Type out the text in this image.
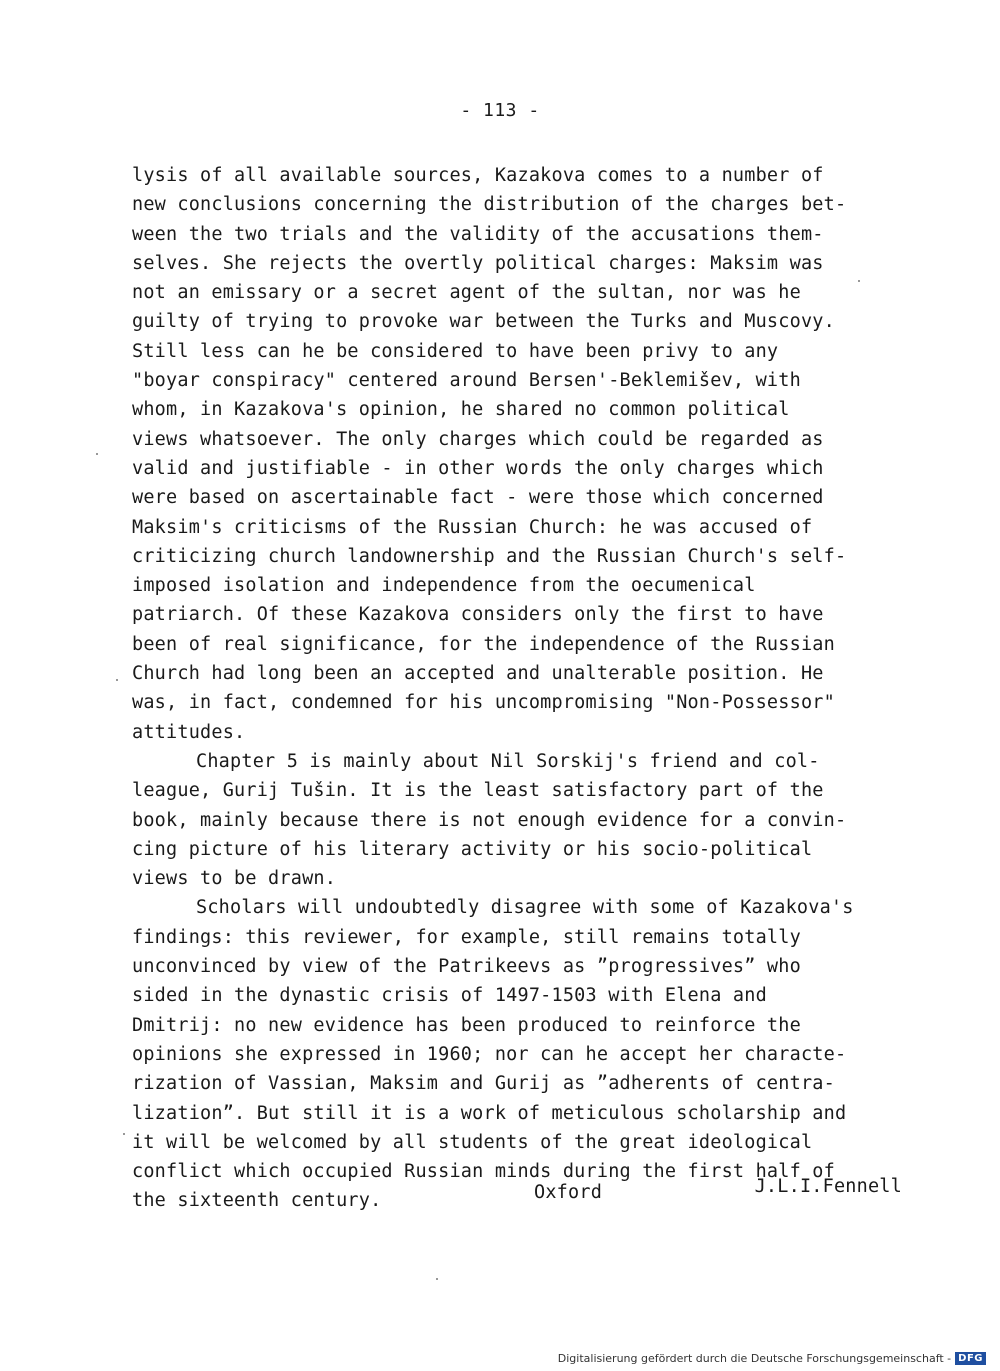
- 113 -
lysis of all available sources, Kazakova comes to a number of
new conclusions concerning the distribution of the charges bet-
ween the two trials and the validity of the accusations them-
selves. She rejects the overtly political charges: Maksim was
not an emissary or a secret agent of the sultan, nor was he
guilty of trying to provoke war between the Turks and Muscovy.
Still less can he be considered to have been privy to any
"boyar conspiracy" centered around Bersen'-Beklemišev, with
whom, in Kazakova's opinion, he shared no common political
views whatsoever. The only charges which could be regarded as
valid and justifiable - in other words the only charges which
were based on ascertainable fact - were those which concerned
Maksim's criticisms of the Russian Church: he was accused of
criticizing church landownership and the Russian Church's self-
imposed isolation and independence from the oecumenical
patriarch. Of these Kazakova considers only the first to have
been of real significance, for the independence of the Russian
Church had long been an accepted and unalterable position. He
was, in fact, condemned for his uncompromising "Non-Possessor"
attitudes.
Chapter 5 is mainly about Nil Sorskij's friend and col-
league, Gurij Tušin. It is the least satisfactory part of the
book, mainly because there is not enough evidence for a convin-
cing picture of his literary activity or his socio-political
views to be drawn.
Scholars will undoubtedly disagree with some of Kazakova's
findings: this reviewer, for example, still remains totally
unconvinced by view of the Patrikeevs as ”progressives” who
sided in the dynastic crisis of 1497-1503 with Elena and
Dmitrij: no new evidence has been produced to reinforce the
opinions she expressed in 1960; nor can he accept her characte-
rization of Vassian, Maksim and Gurij as ”adherents of centra-
lization”. But still it is a work of meticulous scholarship and
it will be welcomed by all students of the great ideological
conflict which occupied Russian minds during the first half of
the sixteenth century.	Oxford	J.L.I.Fennell
Digitalisierung gefördert durch die Deutsche Forschungsgemeinschaft - DFG
